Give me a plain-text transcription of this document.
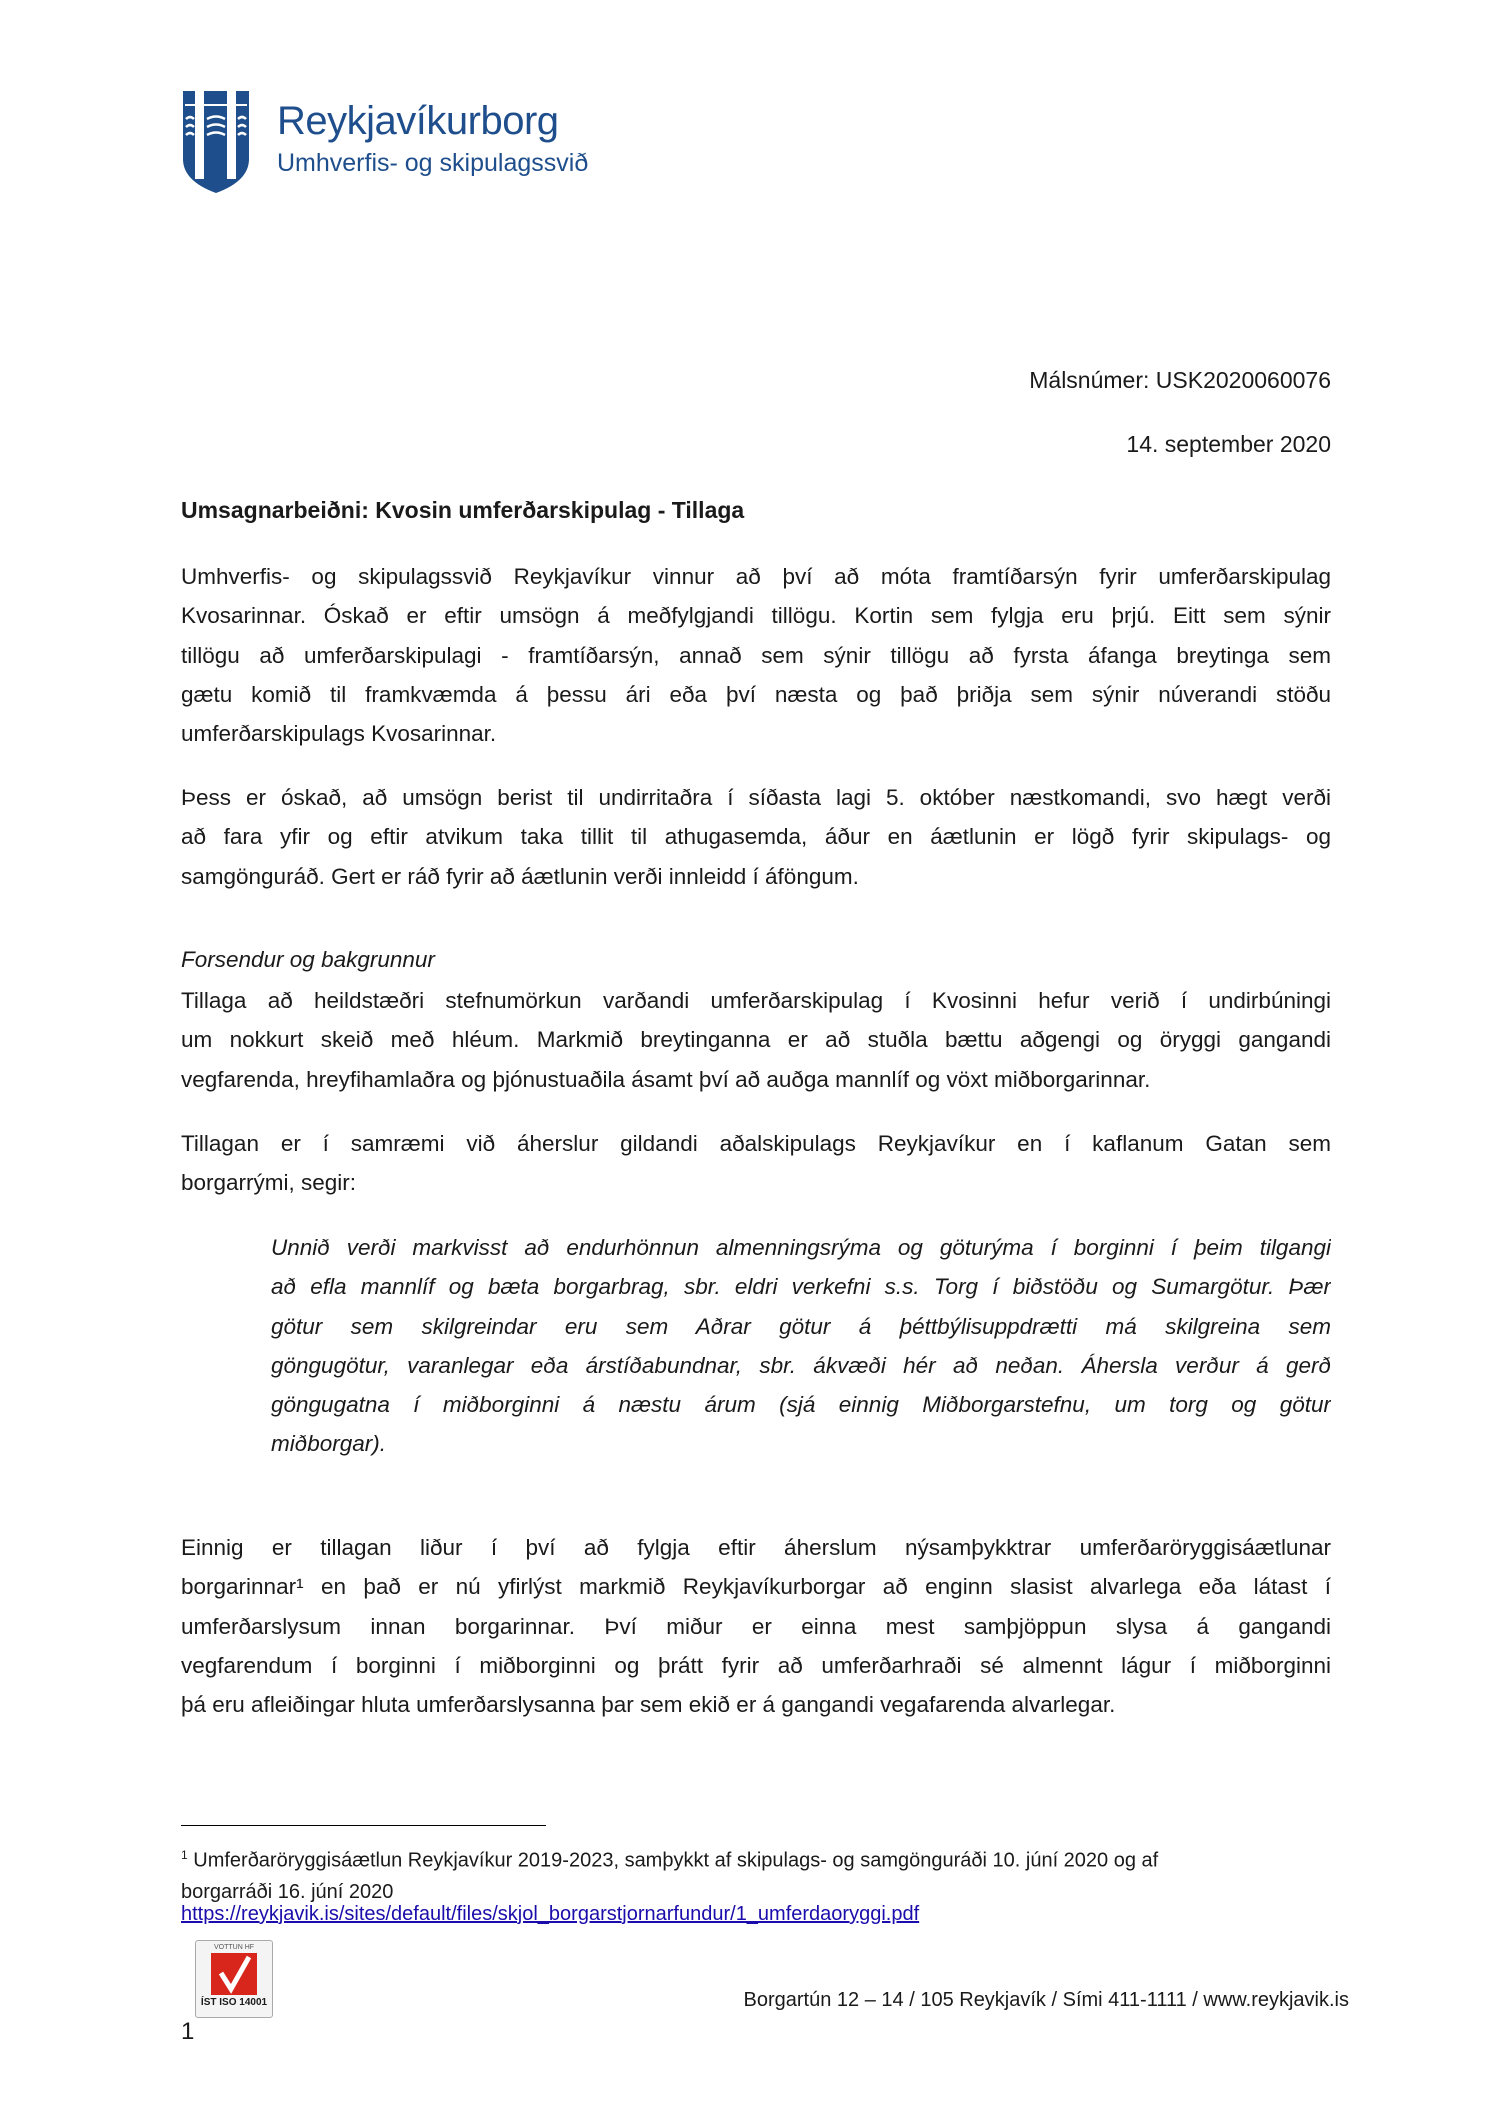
Reykjavíkurborg
Umhverfis- og skipulagssvið
Málsnúmer: USK2020060076
14. september 2020
Umsagnarbeiðni: Kvosin umferðarskipulag - Tillaga
Umhverfis- og skipulagssvið Reykjavíkur vinnur að því að móta framtíðarsýn fyrir umferðarskipulag
Kvosarinnar. Óskað er eftir umsögn á meðfylgjandi tillögu. Kortin sem fylgja eru þrjú. Eitt sem sýnir
tillögu að umferðarskipulagi - framtíðarsýn, annað sem sýnir tillögu að fyrsta áfanga breytinga sem
gætu komið til framkvæmda á þessu ári eða því næsta og það þriðja sem sýnir núverandi stöðu
umferðarskipulags Kvosarinnar.
Þess er óskað, að umsögn berist til undirritaðra í síðasta lagi 5. október næstkomandi, svo hægt verði
að fara yfir og eftir atvikum taka tillit til athugasemda, áður en áætlunin er lögð fyrir skipulags- og
samgönguráð. Gert er ráð fyrir að áætlunin verði innleidd í áföngum.
Forsendur og bakgrunnur
Tillaga að heildstæðri stefnumörkun varðandi umferðarskipulag í Kvosinni hefur verið í undirbúningi
um nokkurt skeið með hléum. Markmið breytinganna er að stuðla bættu aðgengi og öryggi gangandi
vegfarenda, hreyfihamlaðra og þjónustuaðila ásamt því að auðga mannlíf og vöxt miðborgarinnar.
Tillagan er í samræmi við áherslur gildandi aðalskipulags Reykjavíkur en í kaflanum Gatan sem
borgarrými, segir:
Unnið verði markvisst að endurhönnun almenningsrýma og göturýma í borginni í þeim tilgangi
að efla mannlíf og bæta borgarbrag, sbr. eldri verkefni s.s. Torg í biðstöðu og Sumargötur. Þær
götur sem skilgreindar eru sem Aðrar götur á þéttbýlisuppdrætti má skilgreina sem
göngugötur, varanlegar eða árstíðabundnar, sbr. ákvæði hér að neðan. Áhersla verður á gerð
göngugatna í miðborginni á næstu árum (sjá einnig Miðborgarstefnu, um torg og götur
miðborgar).
Einnig er tillagan liður í því að fylgja eftir áherslum nýsamþykktrar umferðaröryggisáætlunar
borgarinnar¹ en það er nú yfirlýst markmið Reykjavíkurborgar að enginn slasist alvarlega eða látast í
umferðarslysum innan borgarinnar. Því miður er einna mest samþjöppun slysa á gangandi
vegfarendum í borginni í miðborginni og þrátt fyrir að umferðarhraði sé almennt lágur í miðborginni
þá eru afleiðingar hluta umferðarslysanna þar sem ekið er á gangandi vegafarenda alvarlegar.
$^1$ Umferðaröryggisáætlun Reykjavíkur 2019-2023, samþykkt af skipulags- og samgönguráði 10. júní 2020 og af
borgarráði 16. júní 2020
https://reykjavik.is/sites/default/files/skjol_borgarstjornarfundur/1_umferdaoryggi.pdf
VOTTUN HF
ÍST ISO 14001	Borgartún 12 – 14 / 105 Reykjavík / Sími 411-1111 / www.reykjavik.is
1
